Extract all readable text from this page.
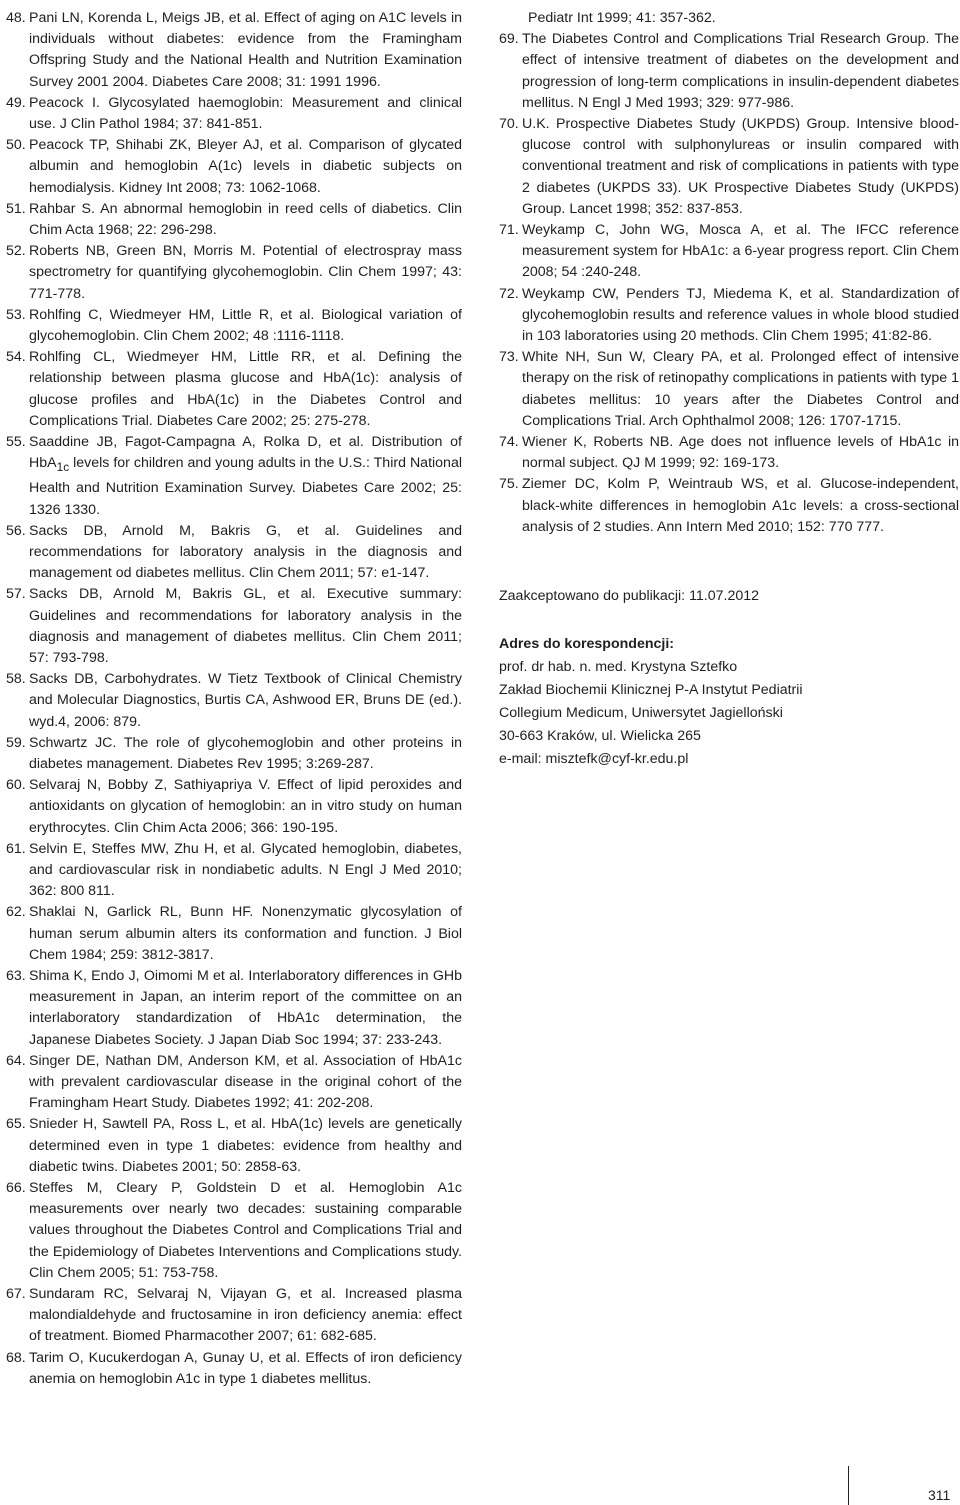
48. Pani LN, Korenda L, Meigs JB, et al. Effect of aging on A1C levels in individuals without diabetes: evidence from the Framingham Offspring Study and the National Health and Nutrition Examination Survey 2001 2004. Diabetes Care 2008; 31: 1991 1996.
49. Peacock I. Glycosylated haemoglobin: Measurement and clinical use. J Clin Pathol 1984; 37: 841-851.
50. Peacock TP, Shihabi ZK, Bleyer AJ, et al. Comparison of glycated albumin and hemoglobin A(1c) levels in diabetic subjects on hemodialysis. Kidney Int 2008; 73: 1062-1068.
51. Rahbar S. An abnormal hemoglobin in reed cells of diabetics. Clin Chim Acta 1968; 22: 296-298.
52. Roberts NB, Green BN, Morris M. Potential of electrospray mass spectrometry for quantifying glycohemoglobin. Clin Chem 1997; 43: 771-778.
53. Rohlfing C, Wiedmeyer HM, Little R, et al. Biological variation of glycohemoglobin. Clin Chem 2002; 48 :1116-1118.
54. Rohlfing CL, Wiedmeyer HM, Little RR, et al. Defining the relationship between plasma glucose and HbA(1c): analysis of glucose profiles and HbA(1c) in the Diabetes Control and Complications Trial. Diabetes Care 2002; 25: 275-278.
55. Saaddine JB, Fagot-Campagna A, Rolka D, et al. Distribution of HbA$_{1c}$ levels for children and young adults in the U.S.: Third National Health and Nutrition Examination Survey. Diabetes Care 2002; 25: 1326 1330.
56. Sacks DB, Arnold M, Bakris G, et al. Guidelines and recommendations for laboratory analysis in the diagnosis and management od diabetes mellitus. Clin Chem 2011; 57: e1-147.
57. Sacks DB, Arnold M, Bakris GL, et al. Executive summary: Guidelines and recommendations for laboratory analysis in the diagnosis and management of diabetes mellitus. Clin Chem 2011; 57: 793-798.
58. Sacks DB, Carbohydrates. W Tietz Textbook of Clinical Chemistry and Molecular Diagnostics, Burtis CA, Ashwood ER, Bruns DE (ed.). wyd.4, 2006: 879.
59. Schwartz JC. The role of glycohemoglobin and other proteins in diabetes management. Diabetes Rev 1995; 3:269-287.
60. Selvaraj N, Bobby Z, Sathiyapriya V. Effect of lipid peroxides and antioxidants on glycation of hemoglobin: an in vitro study on human erythrocytes. Clin Chim Acta 2006; 366: 190-195.
61. Selvin E, Steffes MW, Zhu H, et al. Glycated hemoglobin, diabetes, and cardiovascular risk in nondiabetic adults. N Engl J Med 2010; 362: 800 811.
62. Shaklai N, Garlick RL, Bunn HF. Nonenzymatic glycosylation of human serum albumin alters its conformation and function. J Biol Chem 1984; 259: 3812-3817.
63. Shima K, Endo J, Oimomi M et al. Interlaboratory differences in GHb measurement in Japan, an interim report of the committee on an interlaboratory standardization of HbA1c determination, the Japanese Diabetes Society. J Japan Diab Soc 1994; 37: 233-243.
64. Singer DE, Nathan DM, Anderson KM, et al. Association of HbA1c with prevalent cardiovascular disease in the original cohort of the Framingham Heart Study. Diabetes 1992; 41: 202-208.
65. Snieder H, Sawtell PA, Ross L, et al. HbA(1c) levels are genetically determined even in type 1 diabetes: evidence from healthy and diabetic twins. Diabetes 2001; 50: 2858-63.
66. Steffes M, Cleary P, Goldstein D et al. Hemoglobin A1c measurements over nearly two decades: sustaining comparable values throughout the Diabetes Control and Complications Trial and the Epidemiology of Diabetes Interventions and Complications study. Clin Chem 2005; 51: 753-758.
67. Sundaram RC, Selvaraj N, Vijayan G, et al. Increased plasma malondialdehyde and fructosamine in iron deficiency anemia: effect of treatment. Biomed Pharmacother 2007; 61: 682-685.
68. Tarim O, Kucukerdogan A, Gunay U, et al. Effects of iron deficiency anemia on hemoglobin A1c in type 1 diabetes mellitus.
Pediatr Int 1999; 41: 357-362.
69. The Diabetes Control and Complications Trial Research Group. The effect of intensive treatment of diabetes on the development and progression of long-term complications in insulin-dependent diabetes mellitus. N Engl J Med 1993; 329: 977-986.
70. U.K. Prospective Diabetes Study (UKPDS) Group. Intensive blood-glucose control with sulphonylureas or insulin compared with conventional treatment and risk of complications in patients with type 2 diabetes (UKPDS 33). UK Prospective Diabetes Study (UKPDS) Group. Lancet 1998; 352: 837-853.
71. Weykamp C, John WG, Mosca A, et al. The IFCC reference measurement system for HbA1c: a 6-year progress report. Clin Chem 2008; 54 :240-248.
72. Weykamp CW, Penders TJ, Miedema K, et al. Standardization of glycohemoglobin results and reference values in whole blood studied in 103 laboratories using 20 methods. Clin Chem 1995; 41:82-86.
73. White NH, Sun W, Cleary PA, et al. Prolonged effect of intensive therapy on the risk of retinopathy complications in patients with type 1 diabetes mellitus: 10 years after the Diabetes Control and Complications Trial. Arch Ophthalmol 2008; 126: 1707-1715.
74. Wiener K, Roberts NB. Age does not influence levels of HbA1c in normal subject. QJ M 1999; 92: 169-173.
75. Ziemer DC, Kolm P, Weintraub WS, et al. Glucose-independent, black-white differences in hemoglobin A1c levels: a cross-sectional analysis of 2 studies. Ann Intern Med 2010; 152: 770 777.
Zaakceptowano do publikacji: 11.07.2012
Adres do korespondencji:
prof. dr hab. n. med. Krystyna Sztefko
Zakład Biochemii Klinicznej P-A Instytut Pediatrii
Collegium Medicum, Uniwersytet Jagielloński
30-663 Kraków, ul. Wielicka 265
e-mail: misztefk@cyf-kr.edu.pl
311
